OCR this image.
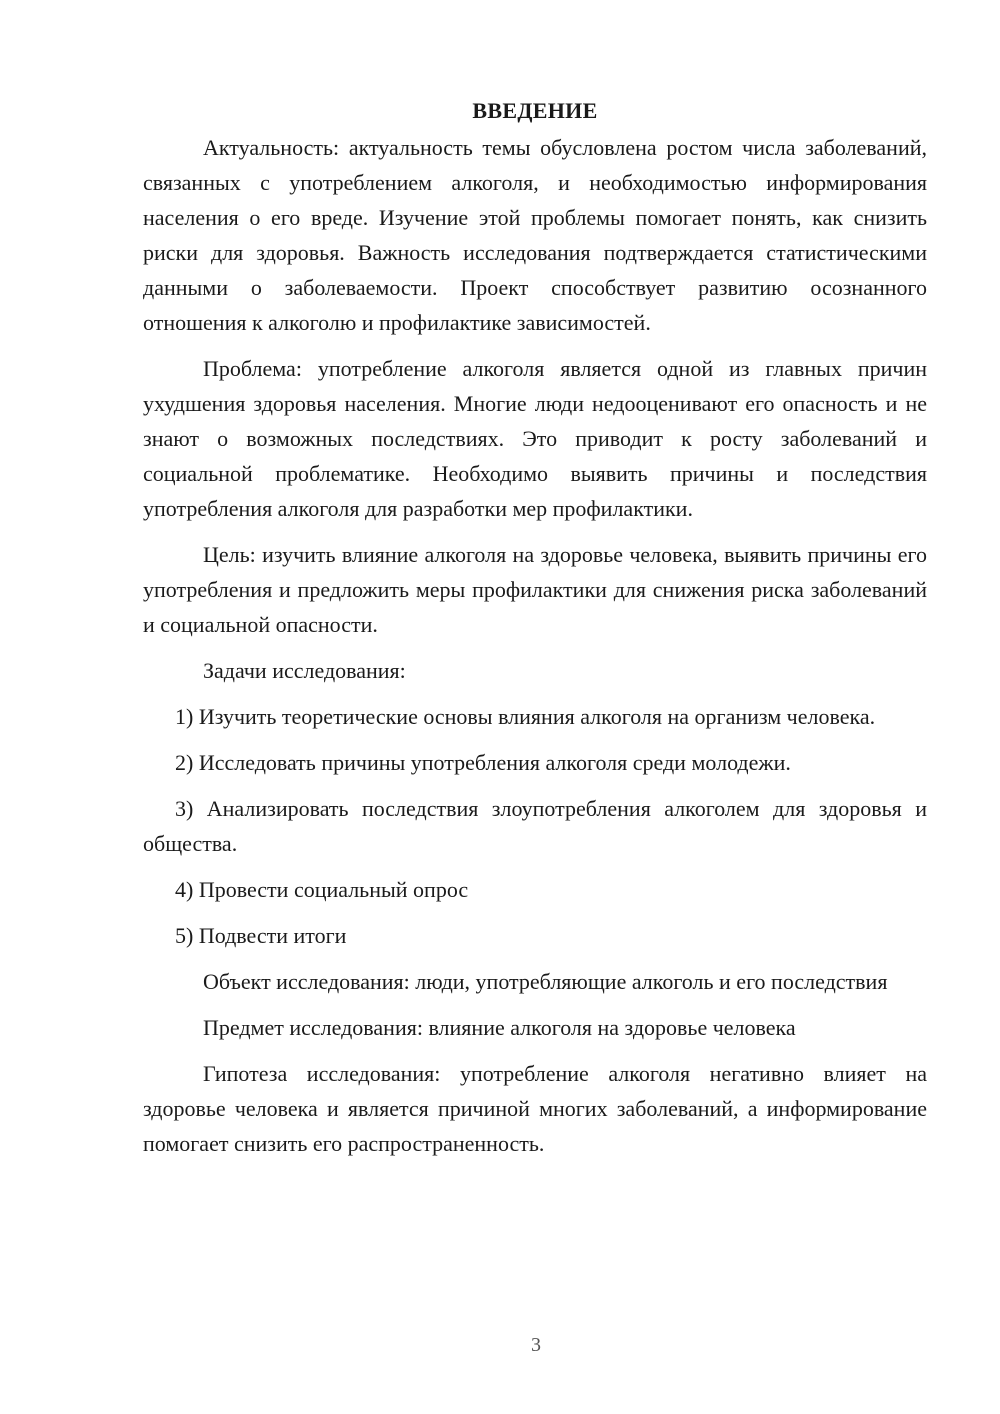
ВВЕДЕНИЕ

Актуальность: актуальность темы обусловлена ростом числа заболеваний, связанных с употреблением алкоголя, и необходимостью информирования населения о его вреде. Изучение этой проблемы помогает понять, как снизить риски для здоровья. Важность исследования подтверждается статистическими данными о заболеваемости. Проект способствует развитию осознанного отношения к алкоголю и профилактике зависимостей.

Проблема: употребление алкоголя является одной из главных причин ухудшения здоровья населения. Многие люди недооценивают его опасность и не знают о возможных последствиях. Это приводит к росту заболеваний и социальной проблематике. Необходимо выявить причины и последствия употребления алкоголя для разработки мер профилактики.

Цель: изучить влияние алкоголя на здоровье человека, выявить причины его употребления и предложить меры профилактики для снижения риска заболеваний и социальной опасности.

Задачи исследования:

1) Изучить теоретические основы влияния алкоголя на организм человека.

2) Исследовать причины употребления алкоголя среди молодежи.

3) Анализировать последствия злоупотребления алкоголем для здоровья и общества.

4) Провести социальный опрос

5) Подвести итоги

Объект исследования: люди, употребляющие алкоголь и его последствия

Предмет исследования: влияние алкоголя на здоровье человека

Гипотеза исследования: употребление алкоголя негативно влияет на здоровье человека и является причиной многих заболеваний, а информирование помогает снизить его распространенность.

3
